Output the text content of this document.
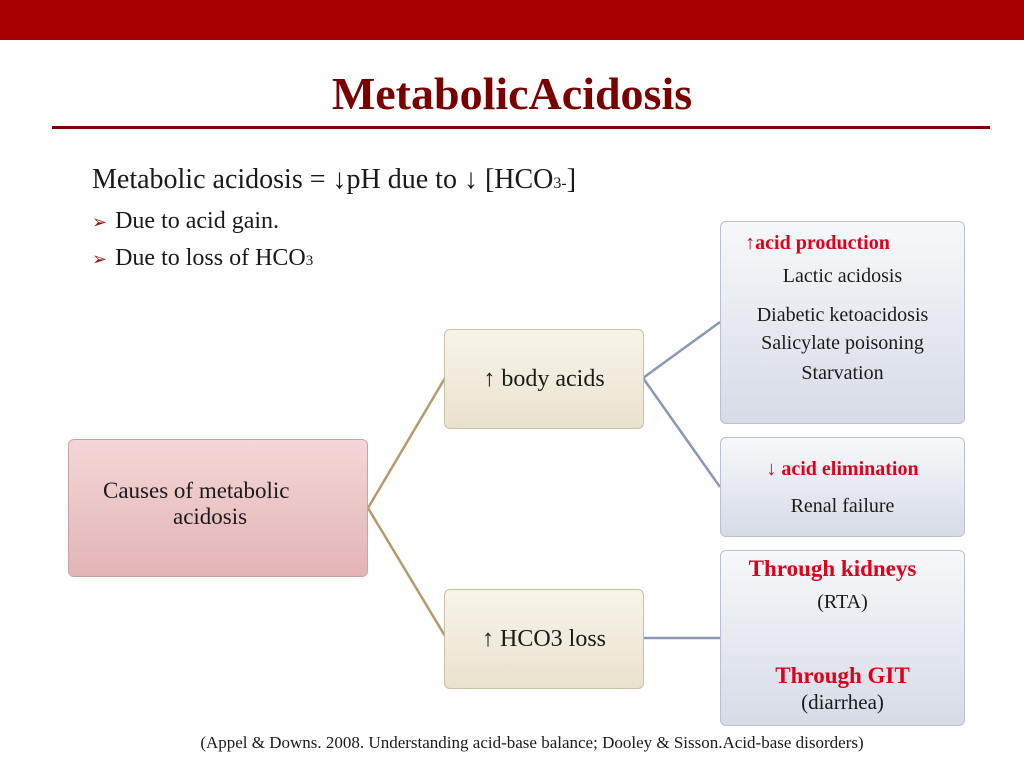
MetabolicAcidosis
Metabolic acidosis = ↓pH due to ↓ [HCO3-]
➢ Due to acid gain.
➢ Due to loss of HCO3
Causes of metabolic
acidosis
↑ body acids
↑ HCO3 loss
↑acid production
Lactic acidosis
Diabetic ketoacidosis
Salicylate poisoning
Starvation
↓ acid elimination
Renal failure
Through kidneys
(RTA)
Through GIT
(diarrhea)
(Appel & Downs. 2008. Understanding acid-base balance; Dooley & Sisson.Acid-base disorders)
